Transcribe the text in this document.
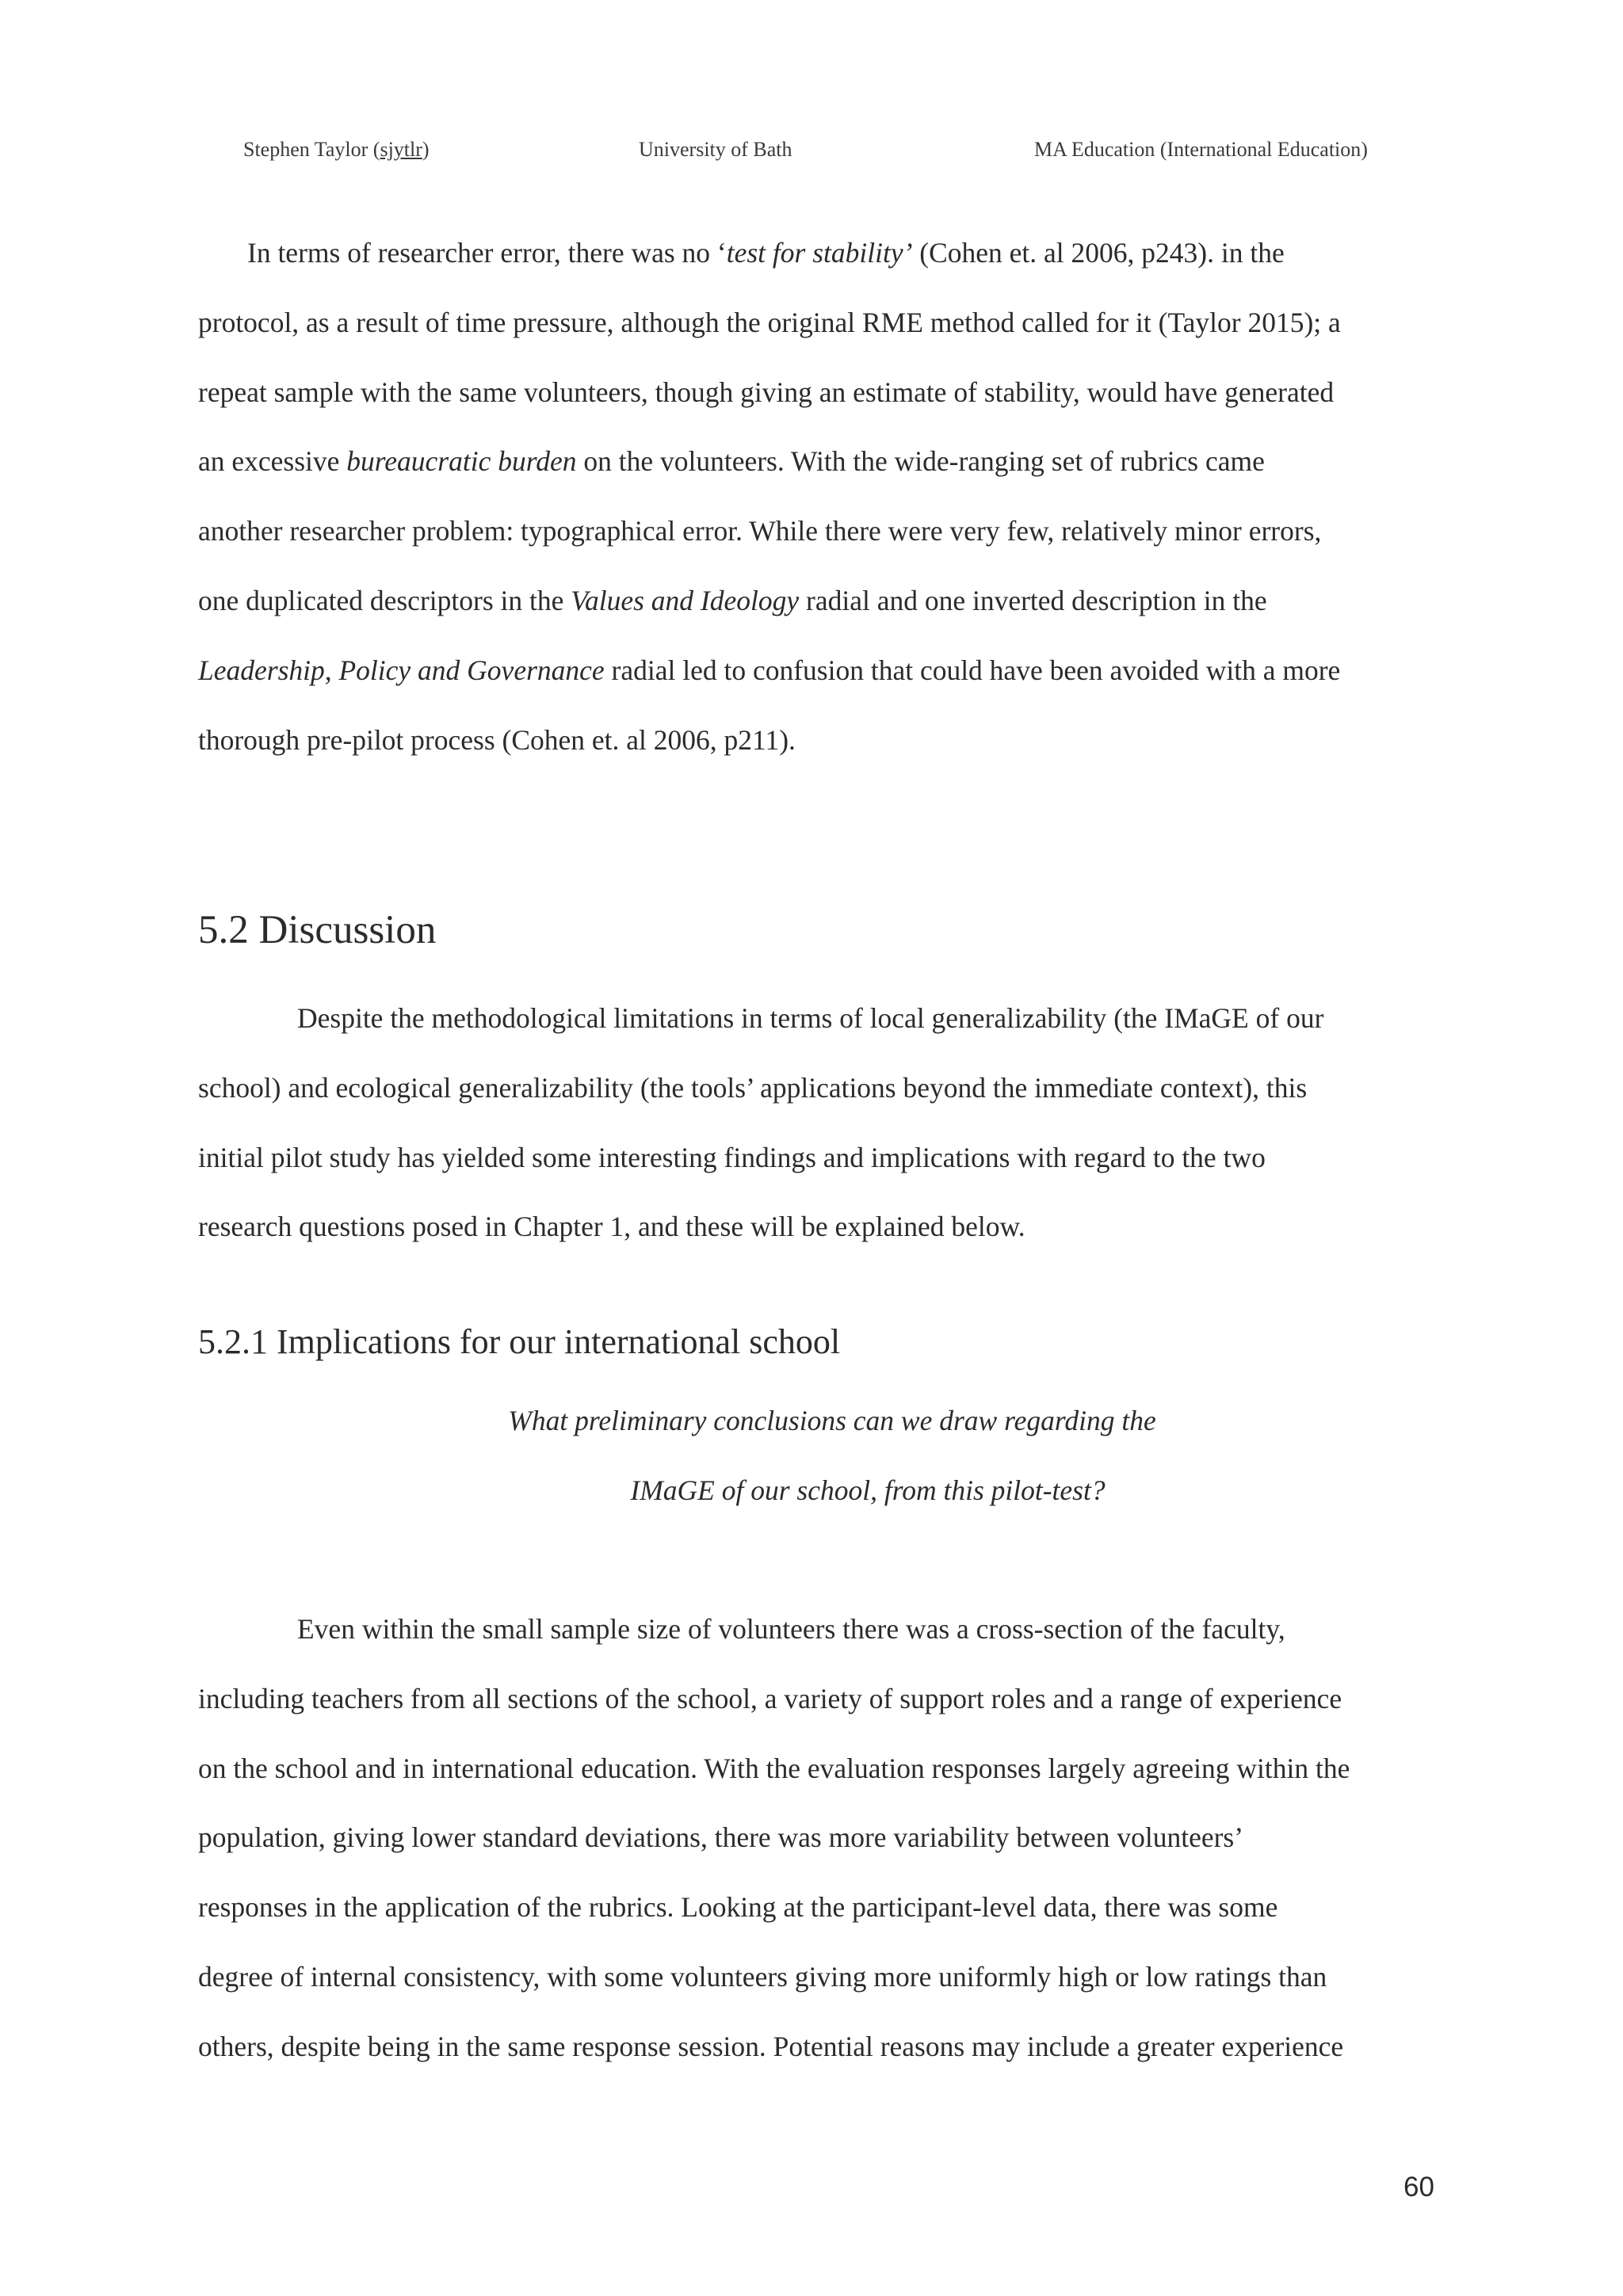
Stephen Taylor (sjytlr)	University of Bath	MA Education (International Education)
In terms of researcher error, there was no ‘test for stability’ (Cohen et. al 2006, p243). in the
protocol, as a result of time pressure, although the original RME method called for it (Taylor 2015); a
repeat sample with the same volunteers, though giving an estimate of stability, would have generated
an excessive bureaucratic burden on the volunteers. With the wide-ranging set of rubrics came
another researcher problem: typographical error. While there were very few, relatively minor errors,
one duplicated descriptors in the Values and Ideology radial and one inverted description in the
Leadership, Policy and Governance radial led to confusion that could have been avoided with a more
thorough pre-pilot process (Cohen et. al 2006, p211).
5.2 Discussion
Despite the methodological limitations in terms of local generalizability (the IMaGE of our
school) and ecological generalizability (the tools’ applications beyond the immediate context), this
initial pilot study has yielded some interesting findings and implications with regard to the two
research questions posed in Chapter 1, and these will be explained below.
5.2.1 Implications for our international school
What preliminary conclusions can we draw regarding the
IMaGE of our school, from this pilot-test?
Even within the small sample size of volunteers there was a cross-section of the faculty,
including teachers from all sections of the school, a variety of support roles and a range of experience
on the school and in international education. With the evaluation responses largely agreeing within the
population, giving lower standard deviations, there was more variability between volunteers’
responses in the application of the rubrics. Looking at the participant-level data, there was some
degree of internal consistency, with some volunteers giving more uniformly high or low ratings than
others, despite being in the same response session. Potential reasons may include a greater experience
60
